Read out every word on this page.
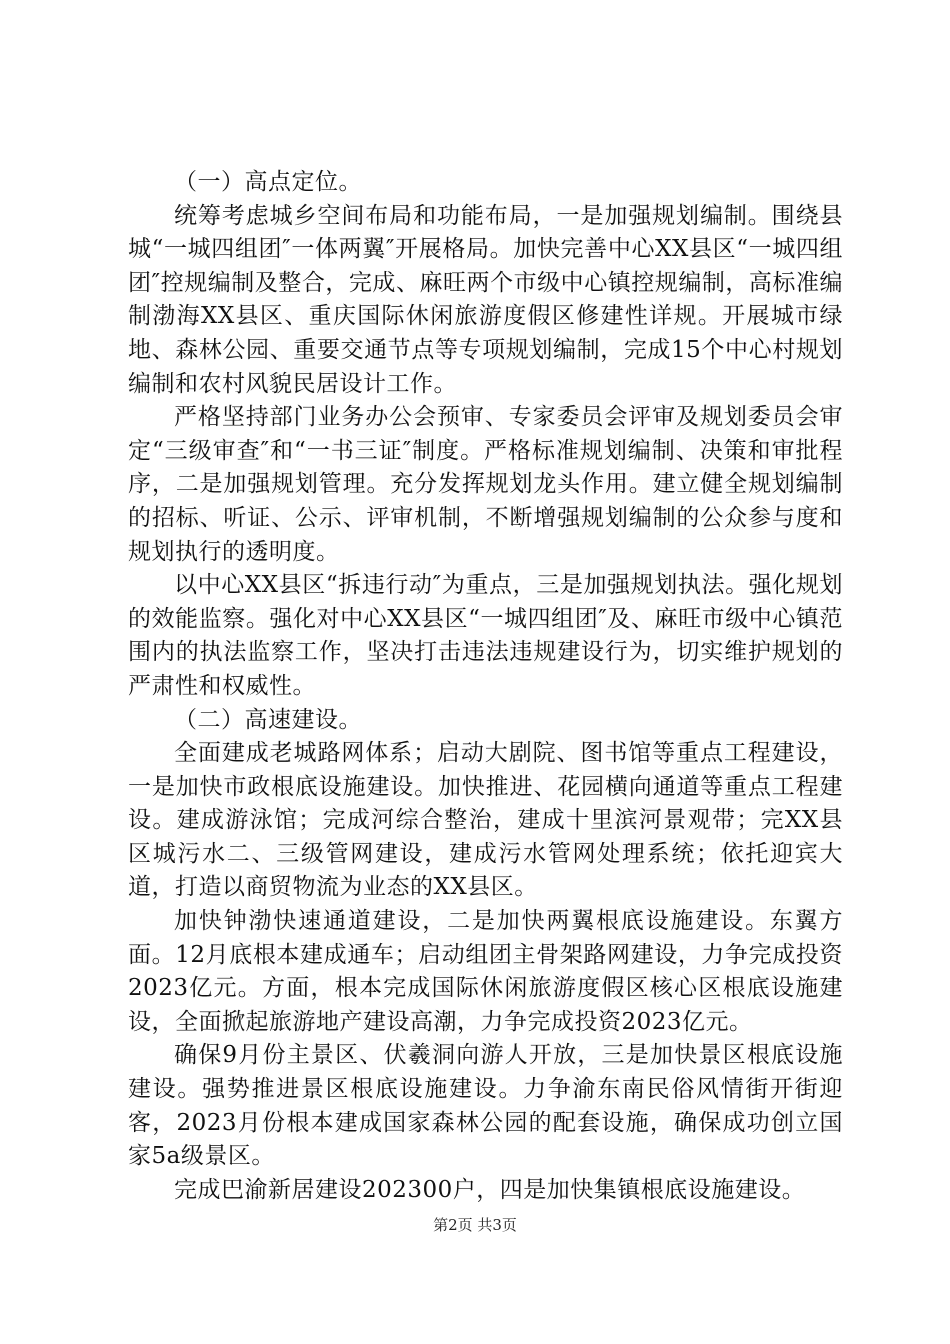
（一）高点定位。

统筹考虑城乡空间布局和功能布局，一是加强规划编制。围绕县城“一城四组团″一体两翼″开展格局。加快完善中心XX县区“一城四组团″控规编制及整合，完成、麻旺两个市级中心镇控规编制，高标准编制渤海XX县区、重庆国际休闲旅游度假区修建性详规。开展城市绿地、森林公园、重要交通节点等专项规划编制，完成15个中心村规划编制和农村风貌民居设计工作。

严格坚持部门业务办公会预审、专家委员会评审及规划委员会审定“三级审查″和“一书三证″制度。严格标准规划编制、决策和审批程序，二是加强规划管理。充分发挥规划龙头作用。建立健全规划编制的招标、听证、公示、评审机制，不断增强规划编制的公众参与度和规划执行的透明度。

以中心XX县区“拆违行动″为重点，三是加强规划执法。强化规划的效能监察。强化对中心XX县区“一城四组团″及、麻旺市级中心镇范围内的执法监察工作，坚决打击违法违规建设行为，切实维护规划的严肃性和权威性。

（二）高速建设。

全面建成老城路网体系；启动大剧院、图书馆等重点工程建设，一是加快市政根底设施建设。加快推进、花园横向通道等重点工程建设。建成游泳馆；完成河综合整治，建成十里滨河景观带；完XX县区城污水二、三级管网建设，建成污水管网处理系统；依托迎宾大道，打造以商贸物流为业态的XX县区。

加快钟渤快速通道建设，二是加快两翼根底设施建设。东翼方面。12月底根本建成通车；启动组团主骨架路网建设，力争完成投资2023亿元。方面，根本完成国际休闲旅游度假区核心区根底设施建设，全面掀起旅游地产建设高潮，力争完成投资2023亿元。

确保9月份主景区、伏羲洞向游人开放，三是加快景区根底设施建设。强势推进景区根底设施建设。力争渝东南民俗风情街开街迎客，2023月份根本建成国家森林公园的配套设施，确保成功创立国家5a级景区。

完成巴渝新居建设202300户，四是加快集镇根底设施建设。

第2页 共3页
